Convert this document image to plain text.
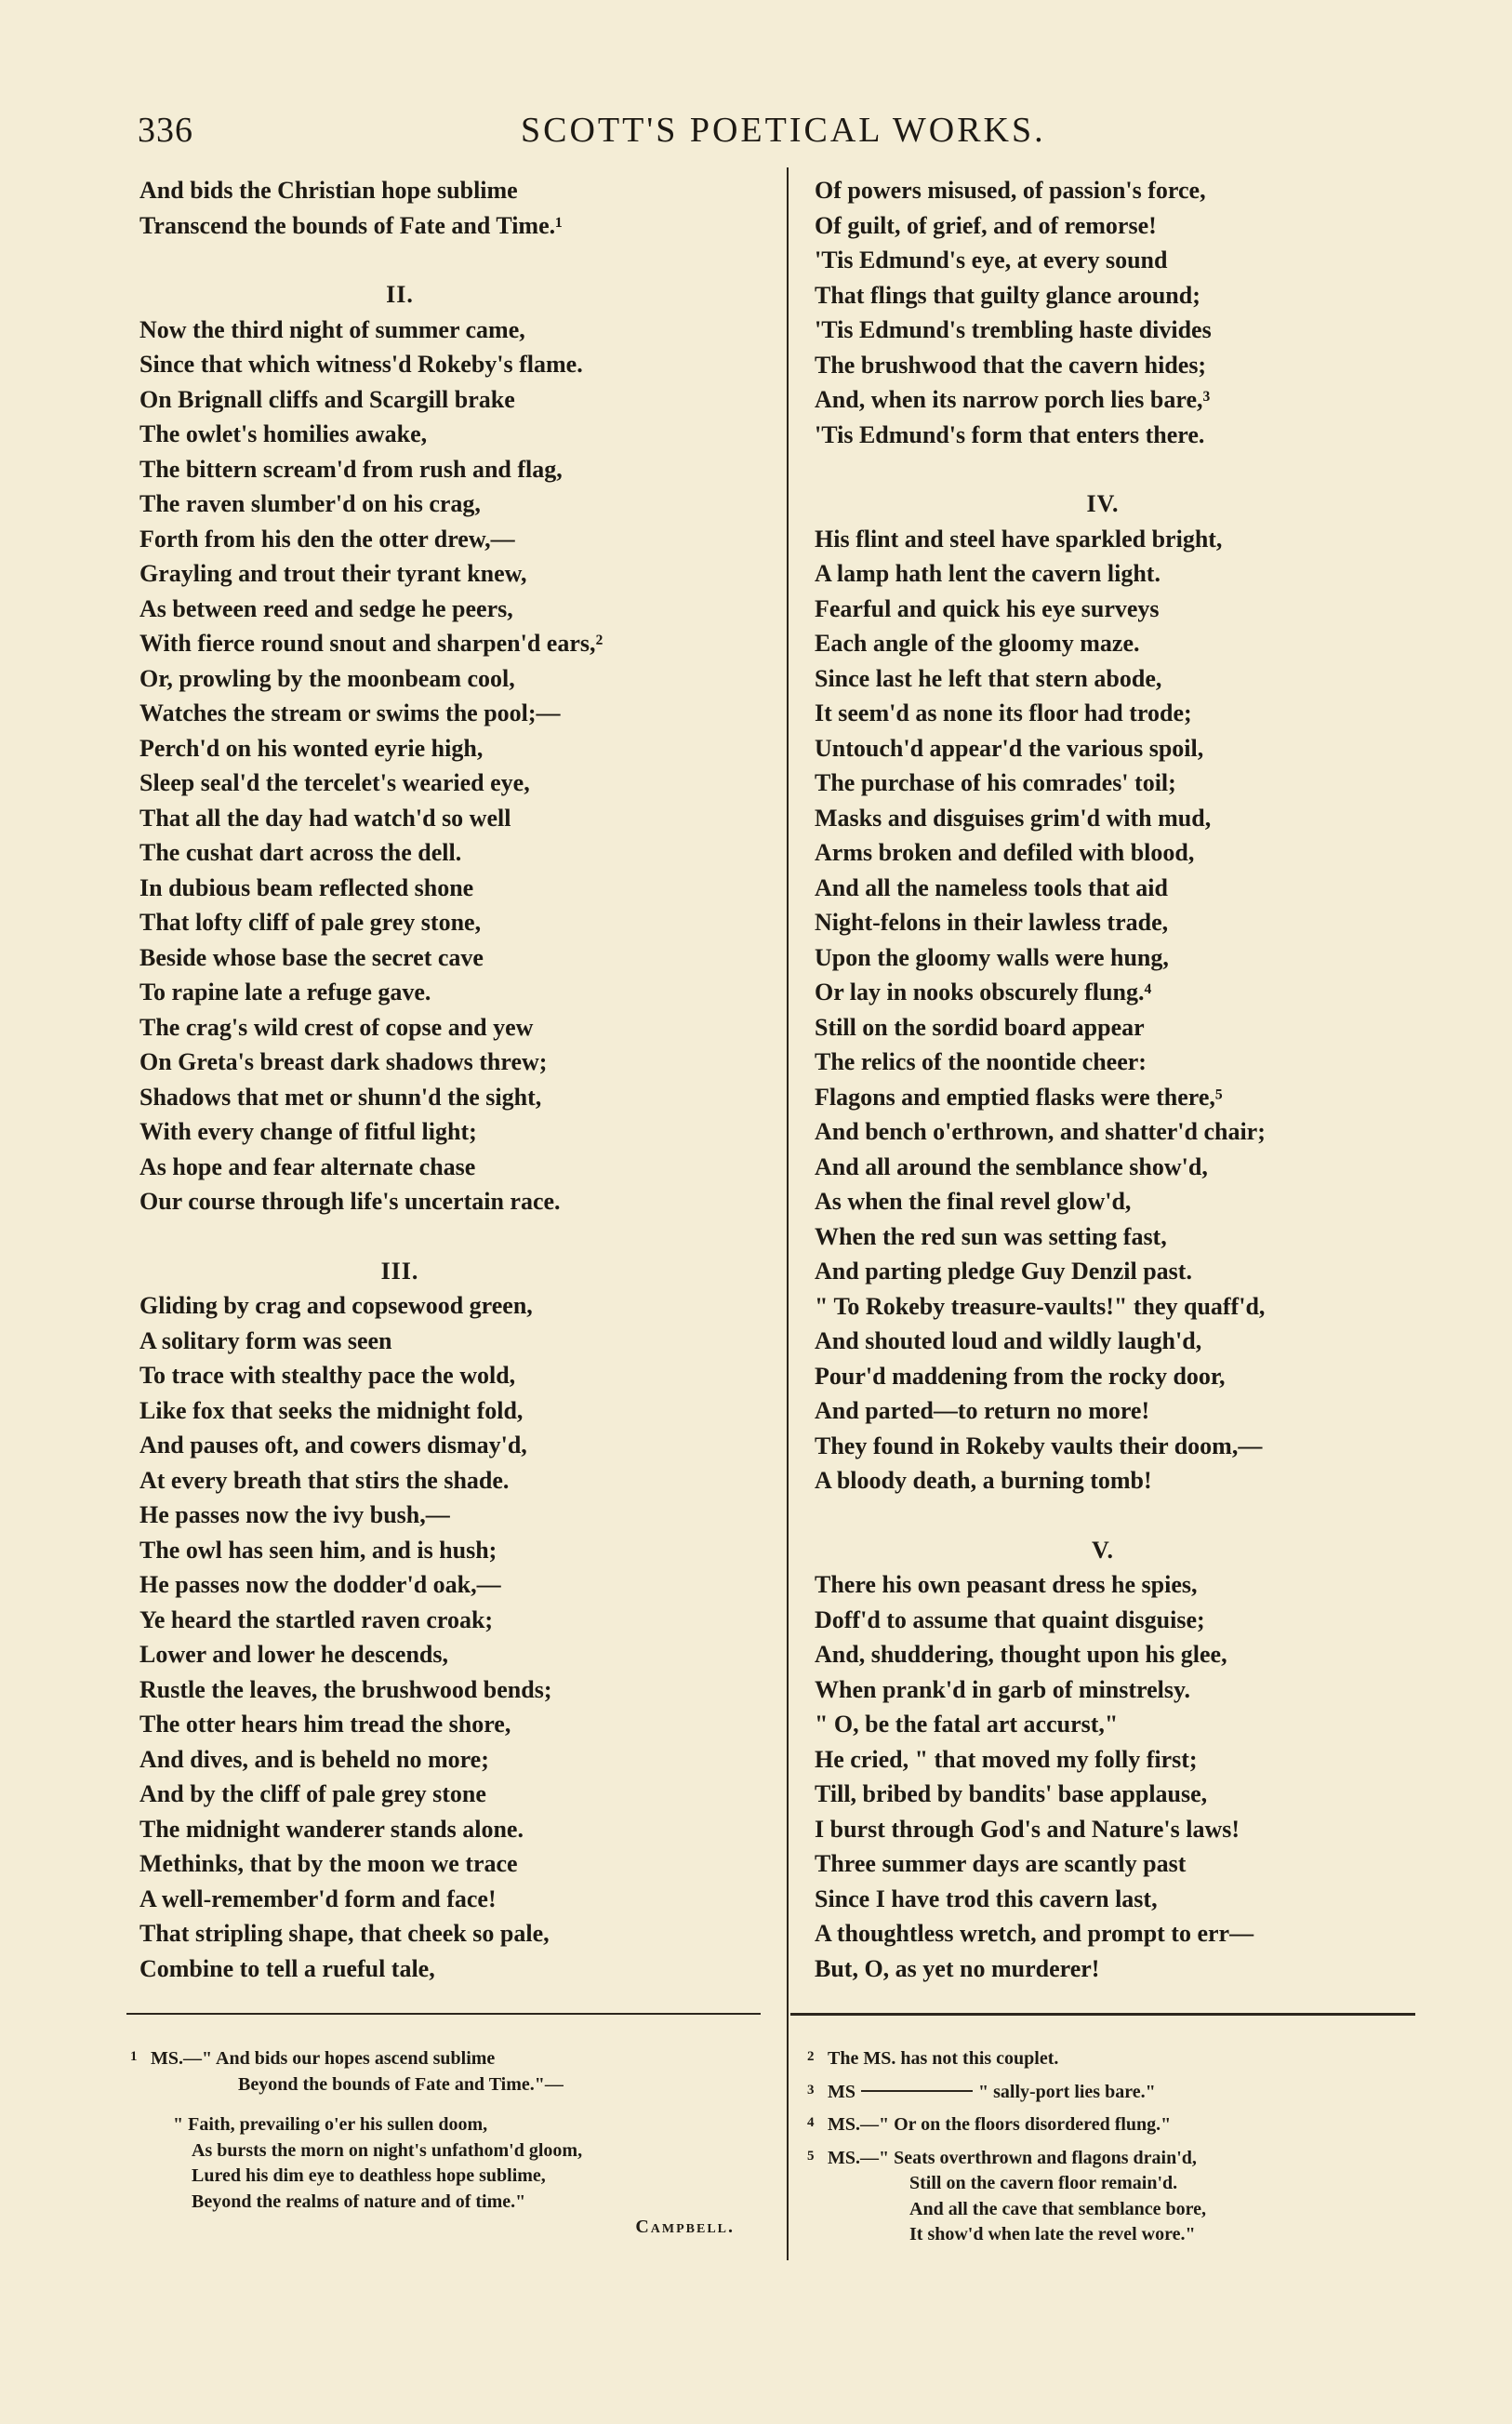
336	SCOTT'S POETICAL WORKS.
And bids the Christian hope sublime
Transcend the bounds of Fate and Time.¹
II.
Now the third night of summer came,
Since that which witness'd Rokeby's flame.
On Brignall cliffs and Scargill brake
The owlet's homilies awake,
The bittern scream'd from rush and flag,
The raven slumber'd on his crag,
Forth from his den the otter drew,—
Grayling and trout their tyrant knew,
As between reed and sedge he peers,
With fierce round snout and sharpen'd ears,²
Or, prowling by the moonbeam cool,
Watches the stream or swims the pool;—
Perch'd on his wonted eyrie high,
Sleep seal'd the tercelet's wearied eye,
That all the day had watch'd so well
The cushat dart across the dell.
In dubious beam reflected shone
That lofty cliff of pale grey stone,
Beside whose base the secret cave
To rapine late a refuge gave.
The crag's wild crest of copse and yew
On Greta's breast dark shadows threw;
Shadows that met or shunn'd the sight,
With every change of fitful light;
As hope and fear alternate chase
Our course through life's uncertain race.
III.
Gliding by crag and copsewood green,
A solitary form was seen
To trace with stealthy pace the wold,
Like fox that seeks the midnight fold,
And pauses oft, and cowers dismay'd,
At every breath that stirs the shade.
He passes now the ivy bush,—
The owl has seen him, and is hush;
He passes now the dodder'd oak,—
Ye heard the startled raven croak;
Lower and lower he descends,
Rustle the leaves, the brushwood bends;
The otter hears him tread the shore,
And dives, and is beheld no more;
And by the cliff of pale grey stone
The midnight wanderer stands alone.
Methinks, that by the moon we trace
A well-remember'd form and face!
That stripling shape, that cheek so pale,
Combine to tell a rueful tale,
Of powers misused, of passion's force,
Of guilt, of grief, and of remorse!
'Tis Edmund's eye, at every sound
That flings that guilty glance around;
'Tis Edmund's trembling haste divides
The brushwood that the cavern hides;
And, when its narrow porch lies bare,³
'Tis Edmund's form that enters there.
IV.
His flint and steel have sparkled bright,
A lamp hath lent the cavern light.
Fearful and quick his eye surveys
Each angle of the gloomy maze.
Since last he left that stern abode,
It seem'd as none its floor had trode;
Untouch'd appear'd the various spoil,
The purchase of his comrades' toil;
Masks and disguises grim'd with mud,
Arms broken and defiled with blood,
And all the nameless tools that aid
Night-felons in their lawless trade,
Upon the gloomy walls were hung,
Or lay in nooks obscurely flung.⁴
Still on the sordid board appear
The relics of the noontide cheer:
Flagons and emptied flasks were there,⁵
And bench o'erthrown, and shatter'd chair;
And all around the semblance show'd,
As when the final revel glow'd,
When the red sun was setting fast,
And parting pledge Guy Denzil past.
" To Rokeby treasure-vaults!" they quaff'd,
And shouted loud and wildly laugh'd,
Pour'd maddening from the rocky door,
And parted—to return no more!
They found in Rokeby vaults their doom,—
A bloody death, a burning tomb!
V.
There his own peasant dress he spies,
Doff'd to assume that quaint disguise;
And, shuddering, thought upon his glee,
When prank'd in garb of minstrelsy.
" O, be the fatal art accurst,"
He cried, " that moved my folly first;
Till, bribed by bandits' base applause,
I burst through God's and Nature's laws!
Three summer days are scantly past
Since I have trod this cavern last,
A thoughtless wretch, and prompt to err—
But, O, as yet no murderer!
1 MS.—" And bids our hopes ascend sublime
Beyond the bounds of Fate and Time."—
" Faith, prevailing o'er his sullen doom,
As bursts the morn on night's unfathom'd gloom,
Lured his dim eye to deathless hope sublime,
Beyond the realms of nature and of time."
Campbell.
2 The MS. has not this couplet.
3 MS	" sally-port lies bare."
4 MS.—" Or on the floors disordered flung."
5 MS.—" Seats overthrown and flagons drain'd,
Still on the cavern floor remain'd.
And all the cave that semblance bore,
It show'd when late the revel wore."
